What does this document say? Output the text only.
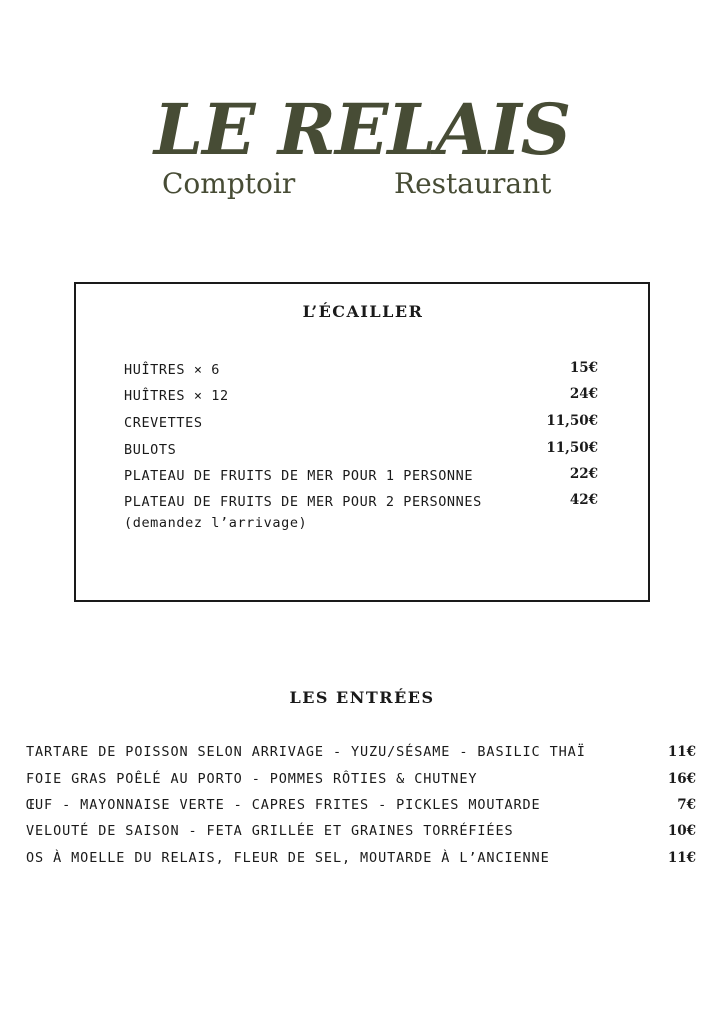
LE RELAIS
Comptoir	Restaurant
L’ÉCAILLER
HUÎTRES × 6	15€
HUÎTRES × 12	24€
CREVETTES	11,50€
BULOTS	11,50€
PLATEAU DE FRUITS DE MER POUR 1 PERSONNE	22€
PLATEAU DE FRUITS DE MER POUR 2 PERSONNES	42€
(demandez l’arrivage)
LES ENTRÉES
TARTARE DE POISSON SELON ARRIVAGE - YUZU/SÉSAME - BASILIC THAÏ	11€
FOIE GRAS POÊLÉ AU PORTO - POMMES RÔTIES & CHUTNEY	16€
ŒUF - MAYONNAISE VERTE - CAPRES FRITES - PICKLES MOUTARDE	7€
VELOUTÉ DE SAISON - FETA GRILLÉE ET GRAINES TORRÉFIÉES	10€
OS À MOELLE DU RELAIS, FLEUR DE SEL, MOUTARDE À L’ANCIENNE	11€
